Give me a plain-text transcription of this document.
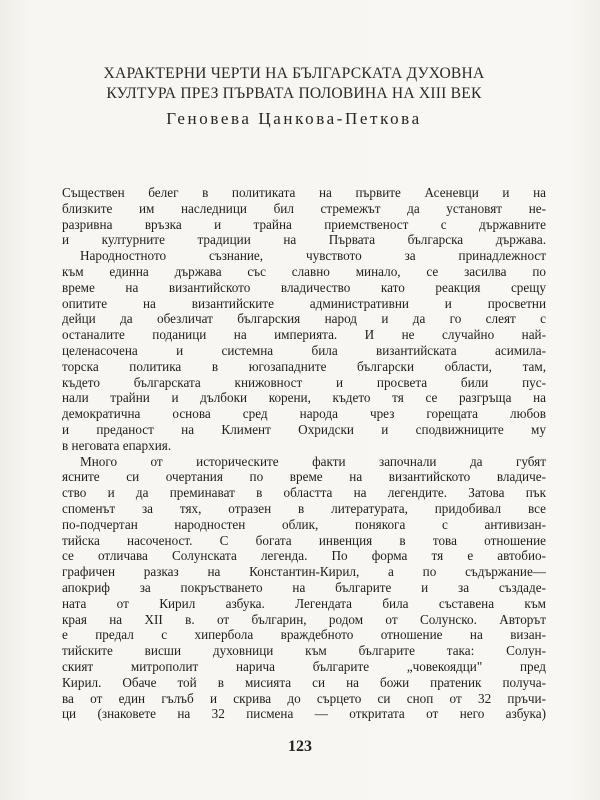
ХАРАКТЕРНИ ЧЕРТИ НА БЪЛГАРСКАТА ДУХОВНА
КУЛТУРА ПРЕЗ ПЪРВАТА ПОЛОВИНА НА XIII ВЕК
Геновева Цанкова-Петкова
Съществен белег в политиката на първите Асеневци и на
близките им наследници бил стремежът да установят не-
разривна връзка и трайна приемственост с държавните
и културните традиции на Първата българска държава.
Народностното съзнание, чувството за принадлежност
към единна държава със славно минало, се засилва по
време на византийското владичество като реакция срещу
опитите на византийските административни и просветни
дейци да обезличат българския народ и да го слеят с
останалите поданици на империята. И не случайно най-
целенасочена и системна била византийската асимила-
торска политика в югозападните български области, там,
където българската книжовност и просвета били пус-
нали трайни и дълбоки корени, където тя се разгръща на
демократична основа сред народа чрез горещата любов
и преданост на Климент Охридски и сподвижниците му
в неговата епархия.
Много от историческите факти започнали да губят
ясните си очертания по време на византийското владиче-
ство и да преминават в областта на легендите. Затова пък
споменът за тях, отразен в литературата, придобивал все
по-подчертан народностен облик, понякога с антивизан-
тийска насоченост. С богата инвенция в това отношение
се отличава Солунската легенда. По форма тя е автобио-
графичен разказ на Константин-Кирил, а по съдържание—
апокриф за покръстването на българите и за създаде-
ната от Кирил азбука. Легендата била съставена към
края на XII в. от българин, родом от Солунско. Авторът
е предал с хипербола враждебното отношение на визан-
тийските висши духовници към българите така: Солун-
ският митрополит нарича българите „човекоядци" пред
Кирил. Обаче той в мисията си на божи пратеник получа-
ва от един гълъб и скрива до сърцето си сноп от 32 пръчи-
ци (знаковете на 32 писмена — откритата от него азбука)
123
